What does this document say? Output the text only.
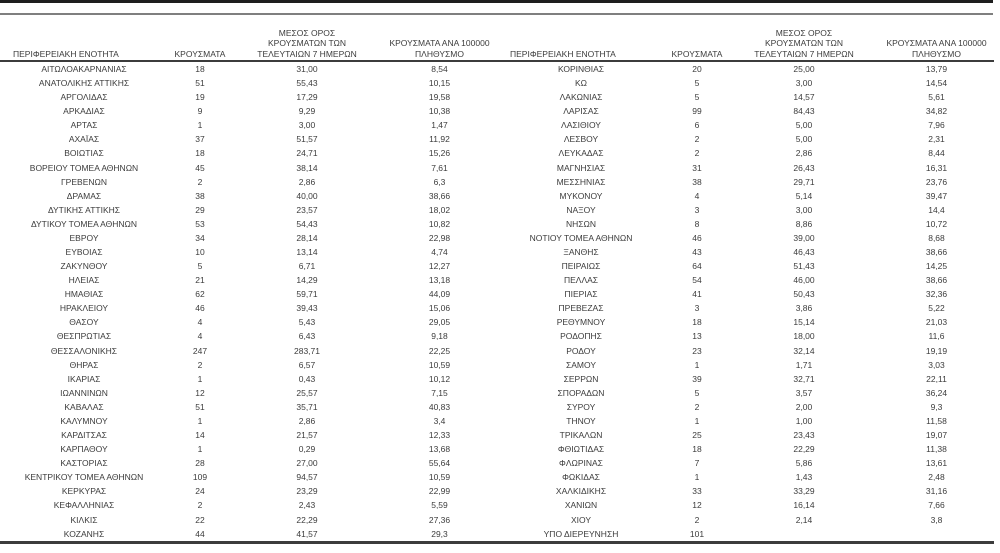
ΠΕΡΙΦΕΡΕΙΑΚΗ ΕΝΟΤΗΤΑ	ΚΡΟΥΣΜΑΤΑ	ΜΕΣΟΣ ΟΡΟΣ
ΚΡΟΥΣΜΑΤΩΝ ΤΩΝ
ΤΕΛΕΥΤΑΙΩΝ 7 ΗΜΕΡΩΝ	ΚΡΟΥΣΜΑΤΑ ΑΝΑ 100000
ΠΛΗΘΥΣΜΟ

ΑΙΤΩΛΟΑΚΑΡΝΑΝΙΑΣ	18	31,00	8,54
ΑΝΑΤΟΛΙΚΗΣ ΑΤΤΙΚΗΣ	51	55,43	10,15
ΑΡΓΟΛΙΔΑΣ	19	17,29	19,58
ΑΡΚΑΔΙΑΣ	9	9,29	10,38
ΑΡΤΑΣ	1	3,00	1,47
ΑΧΑΪΑΣ	37	51,57	11,92
ΒΟΙΩΤΙΑΣ	18	24,71	15,26
ΒΟΡΕΙΟΥ ΤΟΜΕΑ ΑΘΗΝΩΝ	45	38,14	7,61
ΓΡΕΒΕΝΩΝ	2	2,86	6,3
ΔΡΑΜΑΣ	38	40,00	38,66
ΔΥΤΙΚΗΣ ΑΤΤΙΚΗΣ	29	23,57	18,02
ΔΥΤΙΚΟΥ ΤΟΜΕΑ ΑΘΗΝΩΝ	53	54,43	10,82
ΕΒΡΟΥ	34	28,14	22,98
ΕΥΒΟΙΑΣ	10	13,14	4,74
ΖΑΚΥΝΘΟΥ	5	6,71	12,27
ΗΛΕΙΑΣ	21	14,29	13,18
ΗΜΑΘΙΑΣ	62	59,71	44,09
ΗΡΑΚΛΕΙΟΥ	46	39,43	15,06
ΘΑΣΟΥ	4	5,43	29,05
ΘΕΣΠΡΩΤΙΑΣ	4	6,43	9,18
ΘΕΣΣΑΛΟΝΙΚΗΣ	247	283,71	22,25
ΘΗΡΑΣ	2	6,57	10,59
ΙΚΑΡΙΑΣ	1	0,43	10,12
ΙΩΑΝΝΙΝΩΝ	12	25,57	7,15
ΚΑΒΑΛΑΣ	51	35,71	40,83
ΚΑΛΥΜΝΟΥ	1	2,86	3,4
ΚΑΡΔΙΤΣΑΣ	14	21,57	12,33
ΚΑΡΠΑΘΟΥ	1	0,29	13,68
ΚΑΣΤΟΡΙΑΣ	28	27,00	55,64
ΚΕΝΤΡΙΚΟΥ ΤΟΜΕΑ ΑΘΗΝΩΝ	109	94,57	10,59
ΚΕΡΚΥΡΑΣ	24	23,29	22,99
ΚΕΦΑΛΛΗΝΙΑΣ	2	2,43	5,59
ΚΙΛΚΙΣ	22	22,29	27,36
ΚΟΖΑΝΗΣ	44	41,57	29,3
ΠΕΡΙΦΕΡΕΙΑΚΗ ΕΝΟΤΗΤΑ	ΚΡΟΥΣΜΑΤΑ	ΜΕΣΟΣ ΟΡΟΣ
ΚΡΟΥΣΜΑΤΩΝ ΤΩΝ
ΤΕΛΕΥΤΑΙΩΝ 7 ΗΜΕΡΩΝ	ΚΡΟΥΣΜΑΤΑ ΑΝΑ 100000
ΠΛΗΘΥΣΜΟ

ΚΟΡΙΝΘΙΑΣ	20	25,00	13,79
ΚΩ	5	3,00	14,54
ΛΑΚΩΝΙΑΣ	5	14,57	5,61
ΛΑΡΙΣΑΣ	99	84,43	34,82
ΛΑΣΙΘΙΟΥ	6	5,00	7,96
ΛΕΣΒΟΥ	2	5,00	2,31
ΛΕΥΚΑΔΑΣ	2	2,86	8,44
ΜΑΓΝΗΣΙΑΣ	31	26,43	16,31
ΜΕΣΣΗΝΙΑΣ	38	29,71	23,76
ΜΥΚΟΝΟΥ	4	5,14	39,47
ΝΑΞΟΥ	3	3,00	14,4
ΝΗΣΩΝ	8	8,86	10,72
ΝΟΤΙΟΥ ΤΟΜΕΑ ΑΘΗΝΩΝ	46	39,00	8,68
ΞΑΝΘΗΣ	43	46,43	38,66
ΠΕΙΡΑΙΩΣ	64	51,43	14,25
ΠΕΛΛΑΣ	54	46,00	38,66
ΠΙΕΡΙΑΣ	41	50,43	32,36
ΠΡΕΒΕΖΑΣ	3	3,86	5,22
ΡΕΘΥΜΝΟΥ	18	15,14	21,03
ΡΟΔΟΠΗΣ	13	18,00	11,6
ΡΟΔΟΥ	23	32,14	19,19
ΣΑΜΟΥ	1	1,71	3,03
ΣΕΡΡΩΝ	39	32,71	22,11
ΣΠΟΡΑΔΩΝ	5	3,57	36,24
ΣΥΡΟΥ	2	2,00	9,3
ΤΗΝΟΥ	1	1,00	11,58
ΤΡΙΚΑΛΩΝ	25	23,43	19,07
ΦΘΙΩΤΙΔΑΣ	18	22,29	11,38
ΦΛΩΡΙΝΑΣ	7	5,86	13,61
ΦΩΚΙΔΑΣ	1	1,43	2,48
ΧΑΛΚΙΔΙΚΗΣ	33	33,29	31,16
ΧΑΝΙΩΝ	12	16,14	7,66
ΧΙΟΥ	2	2,14	3,8
ΥΠΟ ΔΙΕΡΕΥΝΗΣΗ	101		
